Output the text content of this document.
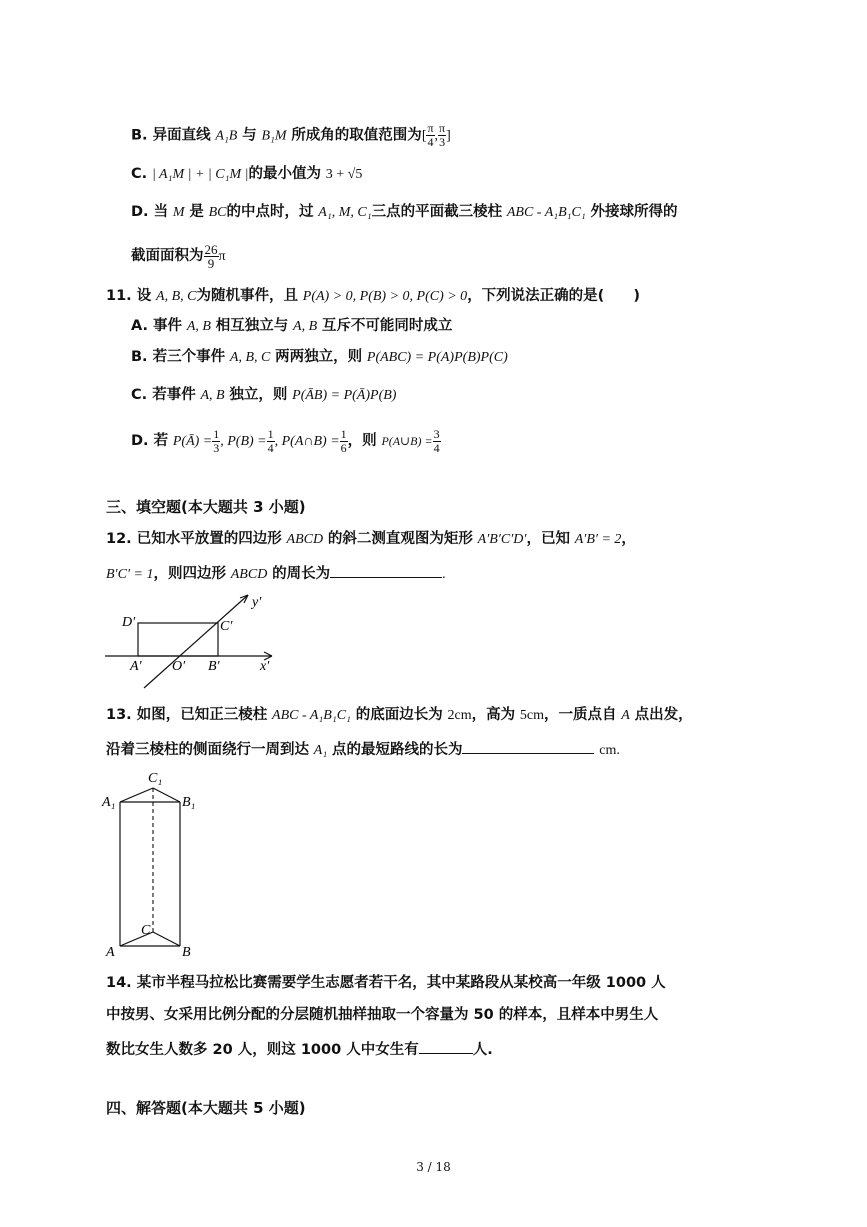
B. 异面直线 A₁B 与 B₁M 所成角的取值范围为[ $\frac{\pi}{4}$ , $\frac{\pi}{3}$ ]
C. | A₁M | + | C₁M |的最小值为 3 + √5
D. 当 M 是 BC的中点时，过 A₁, M, C₁三点的平面截三棱柱 ABC - A₁B₁C₁ 外接球所得的
截面面积为 $\frac{26}{9}$ π
11. 设 A, B, C为随机事件，且 P(A) > 0, P(B) > 0, P(C) > 0，下列说法正确的是(　　)
A. 事件 A, B 相互独立与 A, B 互斥不可能同时成立
B. 若三个事件 A, B, C 两两独立，则 P(ABC) = P(A)P(B)P(C)
C. 若事件 A, B 独立，则 P(ĀB) = P(Ā)P(B)
D. 若 P(Ā) = $\frac{1}{3}$ , $P(B) = \frac{1}{4}$ , P(A∩B) = $\frac{1}{6}$ ，则 P(A∪B) = $\frac{3}{4}$
三、填空题(本大题共 3 小题)
12. 已知水平放置的四边形 ABCD 的斜二测直观图为矩形 A′B′C′D′，已知 A′B′ = 2，
B′C′ = 1，则四边形 ABCD 的周长为	.
D′	C′
A′ O′ B′	x′
y′
13. 如图，已知正三棱柱 ABC - A₁B₁C₁ 的底面边长为 2cm，高为 5cm，一质点自 A 点出发，
沿着三棱柱的侧面绕行一周到达 A₁ 点的最短路线的长为	cm.
C₁
A₁	B₁
C
A	B
14. 某市半程马拉松比赛需要学生志愿者若干名，其中某路段从某校高一年级 1000 人
中按男、女采用比例分配的分层随机抽样抽取一个容量为 50 的样本，且样本中男生人
数比女生人数多 20 人，则这 1000 人中女生有	人.
四、解答题(本大题共 5 小题)
3 / 18
